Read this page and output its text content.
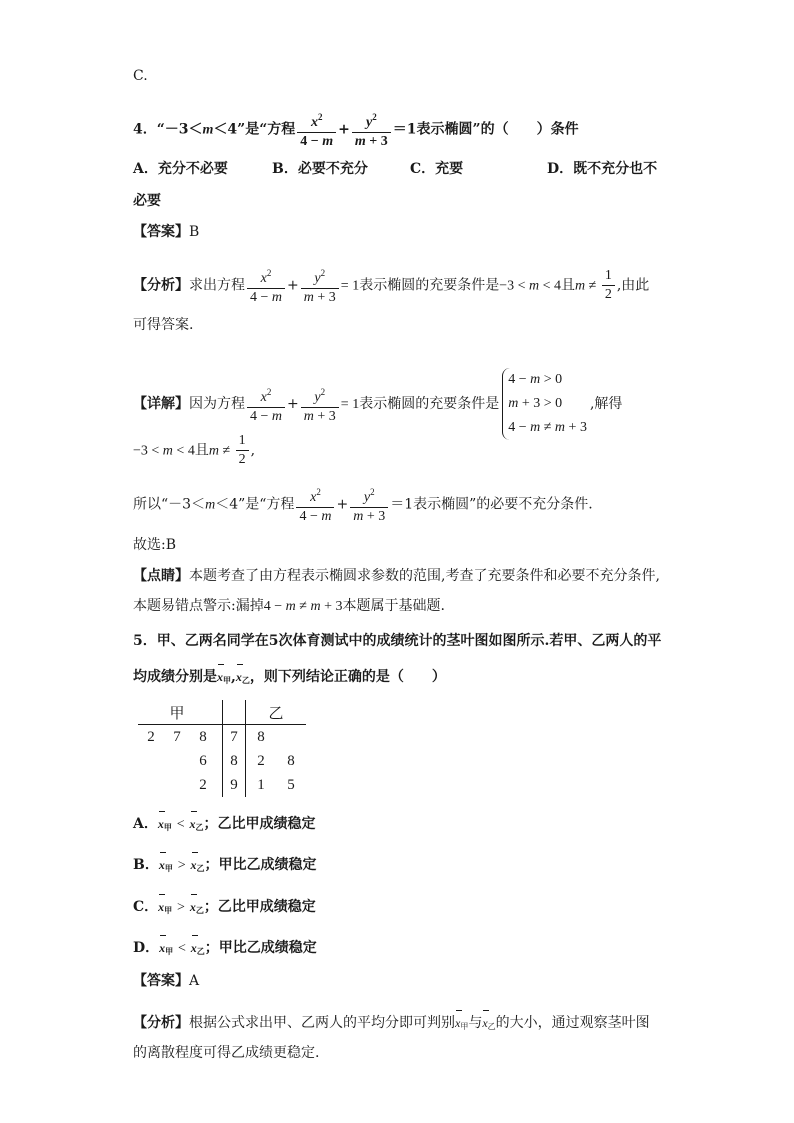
C.
4．“－3＜m＜4”是“方程 $\frac{x^2}{4 - m} + \frac{y^2}{m + 3} =1$表示椭圆”的（　　）条件
A．充分不必要	B．必要不充分	C．充要	D．既不充分也不
必要
【答案】B
【分析】求出方程 $\frac{x^2}{4 - m} + \frac{y^2}{m + 3} = 1$表示椭圆的充要条件是−3 < m < 4且$m \ne \frac{1}{2}$ ,由此
可得答案.
【详解】因为方程 $\frac{x^2}{4 - m} + \frac{y^2}{m + 3} = 1$表示椭圆的充要条件是
4 − m > 0
m + 3 > 0
4 − m ≠ m + 3
,解得
−3 < m < 4且$m \ne \frac{1}{2}$ ,
所以“－3＜m＜4”是“方程 $\frac{x^2}{4 - m} + \frac{y^2}{m + 3} =1$表示椭圆”的必要不充分条件.
故选:B
【点睛】本题考查了由方程表示椭圆求参数的范围,考查了充要条件和必要不充分条件,
本题易错点警示:漏掉4 − m ≠ m + 3本题属于基础题.
5．甲、乙两名同学在5次体育测试中的成绩统计的茎叶图如图所示.若甲、乙两人的平
均成绩分别是$x_甲,x_乙$，则下列结论正确的是（　　）
甲					乙	
2	7	8		7	8	
		6		8	2	8
		2		9	1	5
A．$x_甲 < x_乙$；乙比甲成绩稳定
B．$x_甲 > x_乙$；甲比乙成绩稳定
C．$x_甲 > x_乙$；乙比甲成绩稳定
D．$x_甲 < x_乙$；甲比乙成绩稳定
【答案】A
【分析】根据公式求出甲、乙两人的平均分即可判别$x_甲$与$x_乙$的大小，通过观察茎叶图
的离散程度可得乙成绩更稳定.
